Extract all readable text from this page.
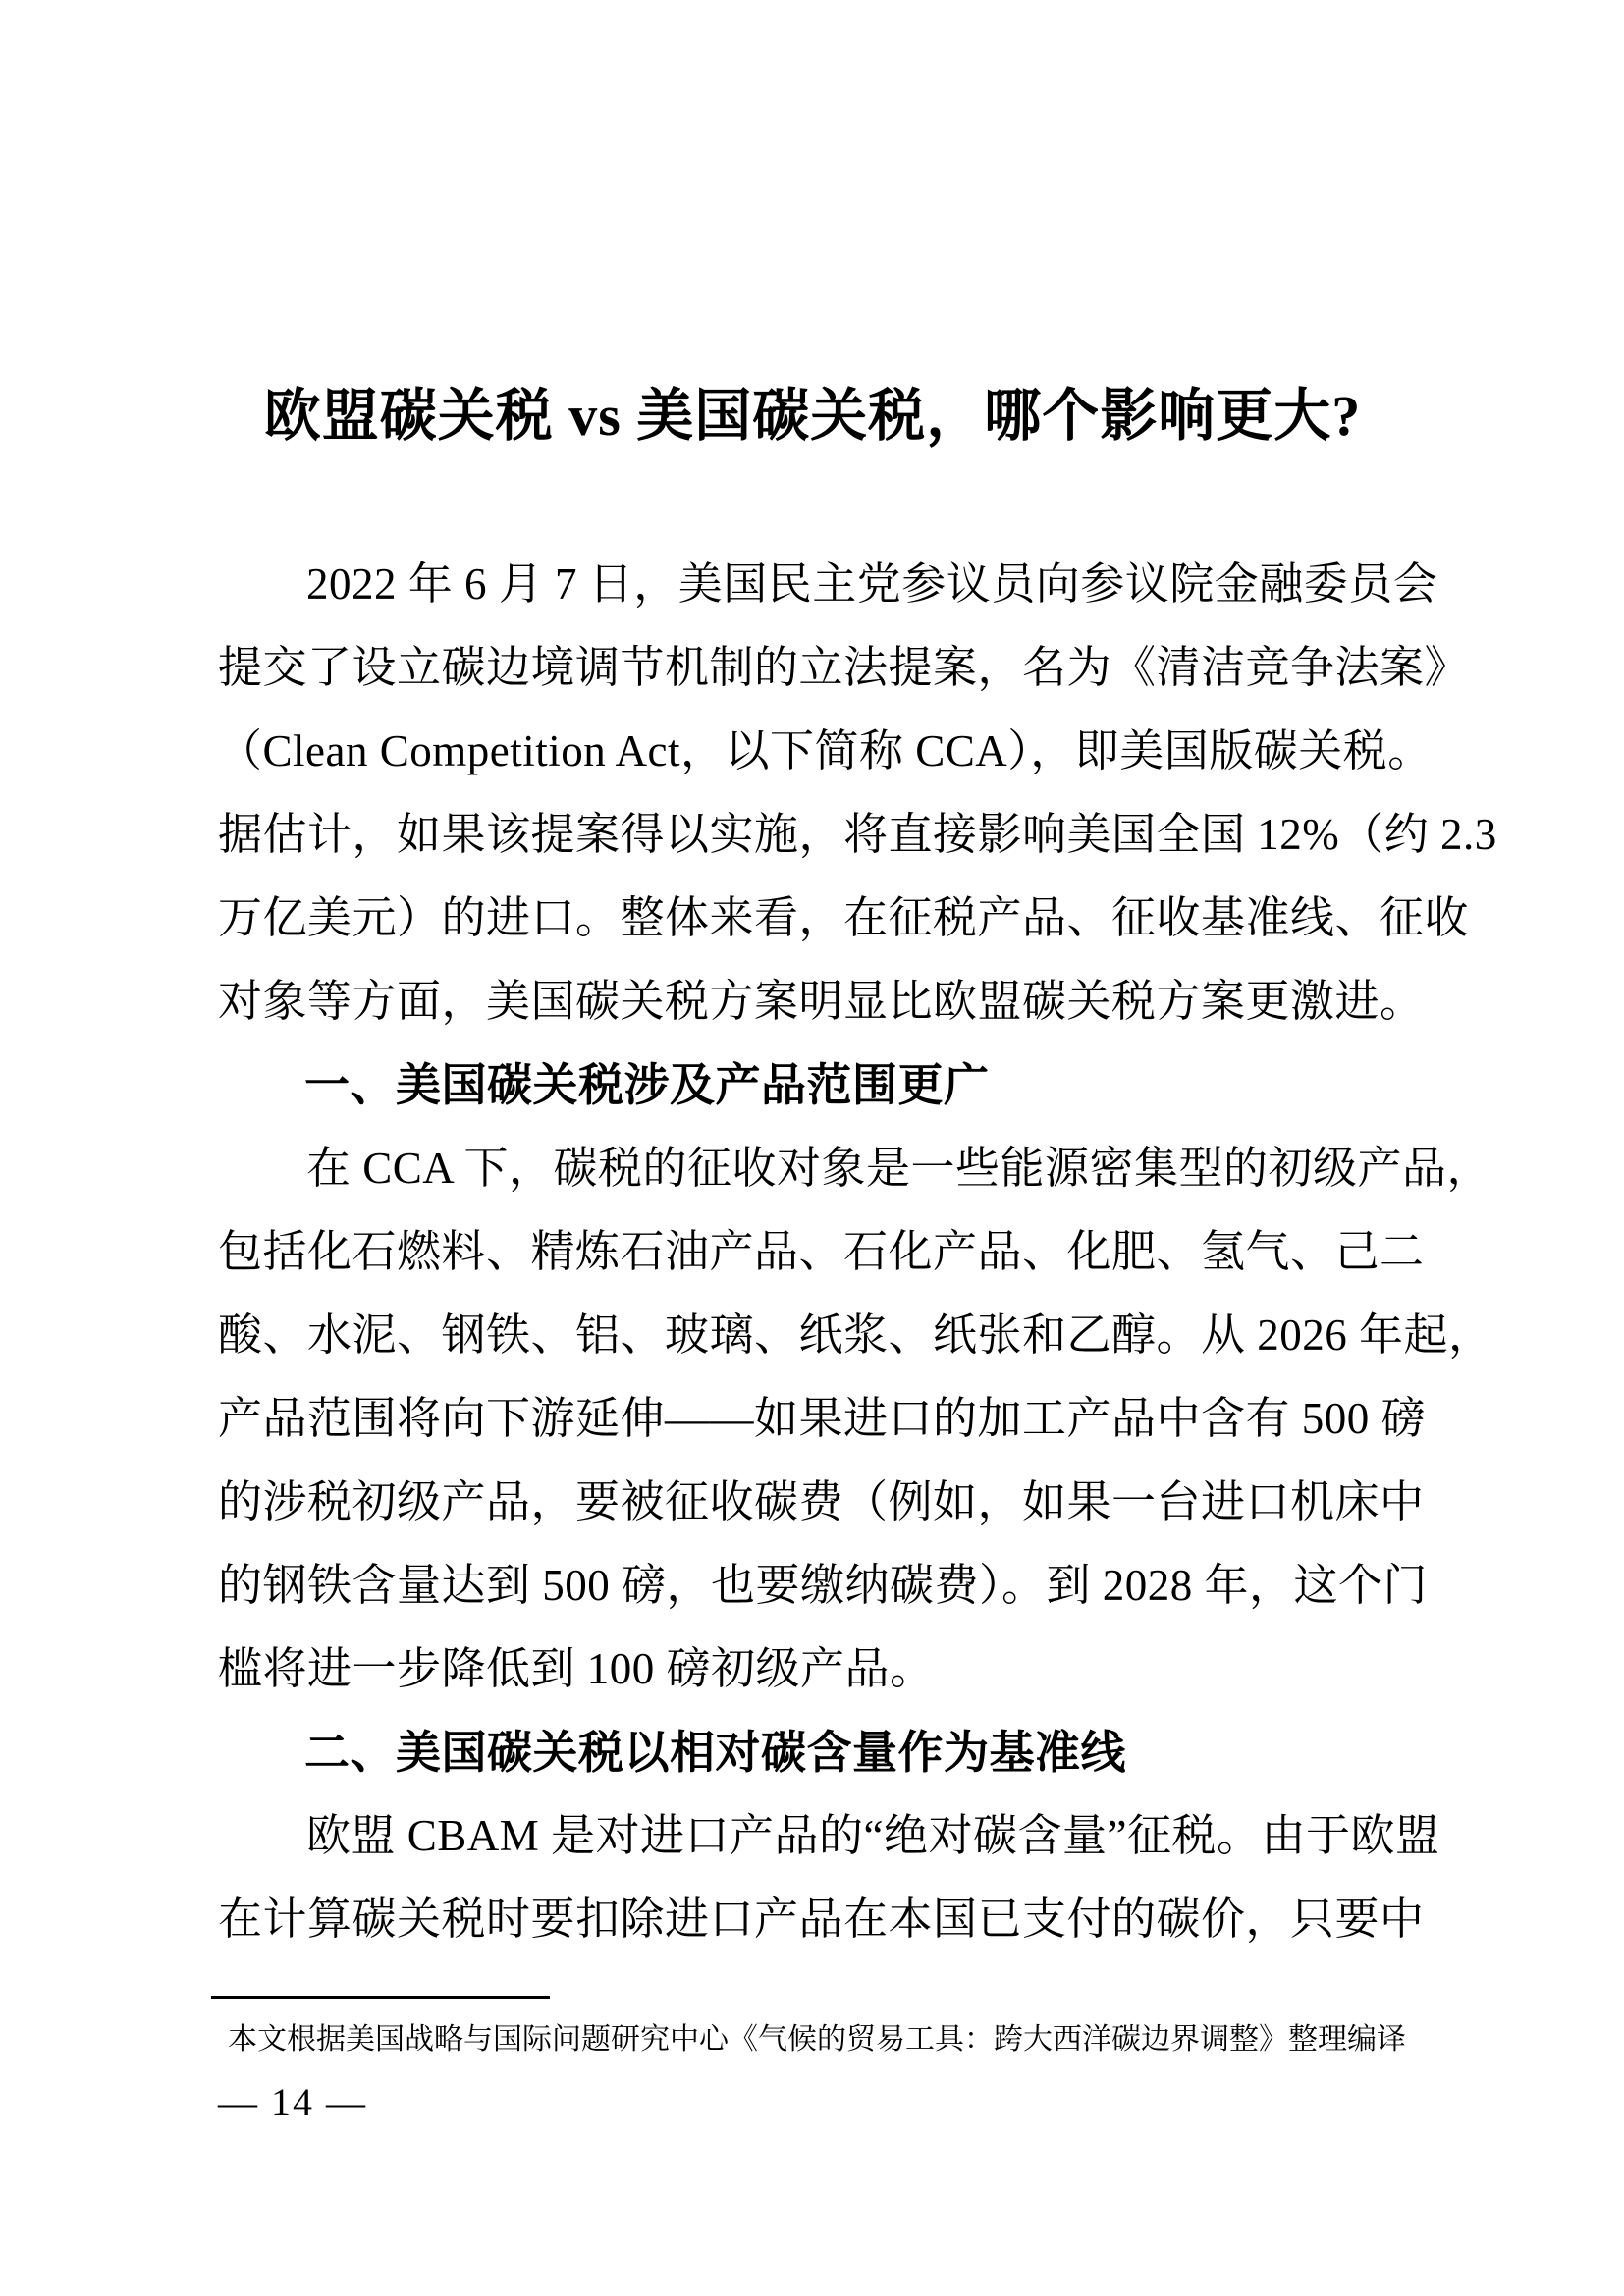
欧盟碳关税 vs 美国碳关税，哪个影响更大?
2022 年 6 月 7 日，美国民主党参议员向参议院金融委员会
提交了设立碳边境调节机制的立法提案，名为《清洁竞争法案》
（Clean Competition Act，以下简称 CCA），即美国版碳关税。
据估计，如果该提案得以实施，将直接影响美国全国 12%（约 2.3
万亿美元）的进口。整体来看，在征税产品、征收基准线、征收
对象等方面，美国碳关税方案明显比欧盟碳关税方案更激进。
一、美国碳关税涉及产品范围更广
在 CCA 下，碳税的征收对象是一些能源密集型的初级产品，
包括化石燃料、精炼石油产品、石化产品、化肥、氢气、己二
酸、水泥、钢铁、铝、玻璃、纸浆、纸张和乙醇。从 2026 年起，
产品范围将向下游延伸——如果进口的加工产品中含有 500 磅
的涉税初级产品，要被征收碳费（例如，如果一台进口机床中
的钢铁含量达到 500 磅，也要缴纳碳费）。到 2028 年，这个门
槛将进一步降低到 100 磅初级产品。
二、美国碳关税以相对碳含量作为基准线
欧盟 CBAM 是对进口产品的“绝对碳含量”征税。由于欧盟
在计算碳关税时要扣除进口产品在本国已支付的碳价，只要中
本文根据美国战略与国际问题研究中心《气候的贸易工具：跨大西洋碳边界调整》整理编译
— 14 —
